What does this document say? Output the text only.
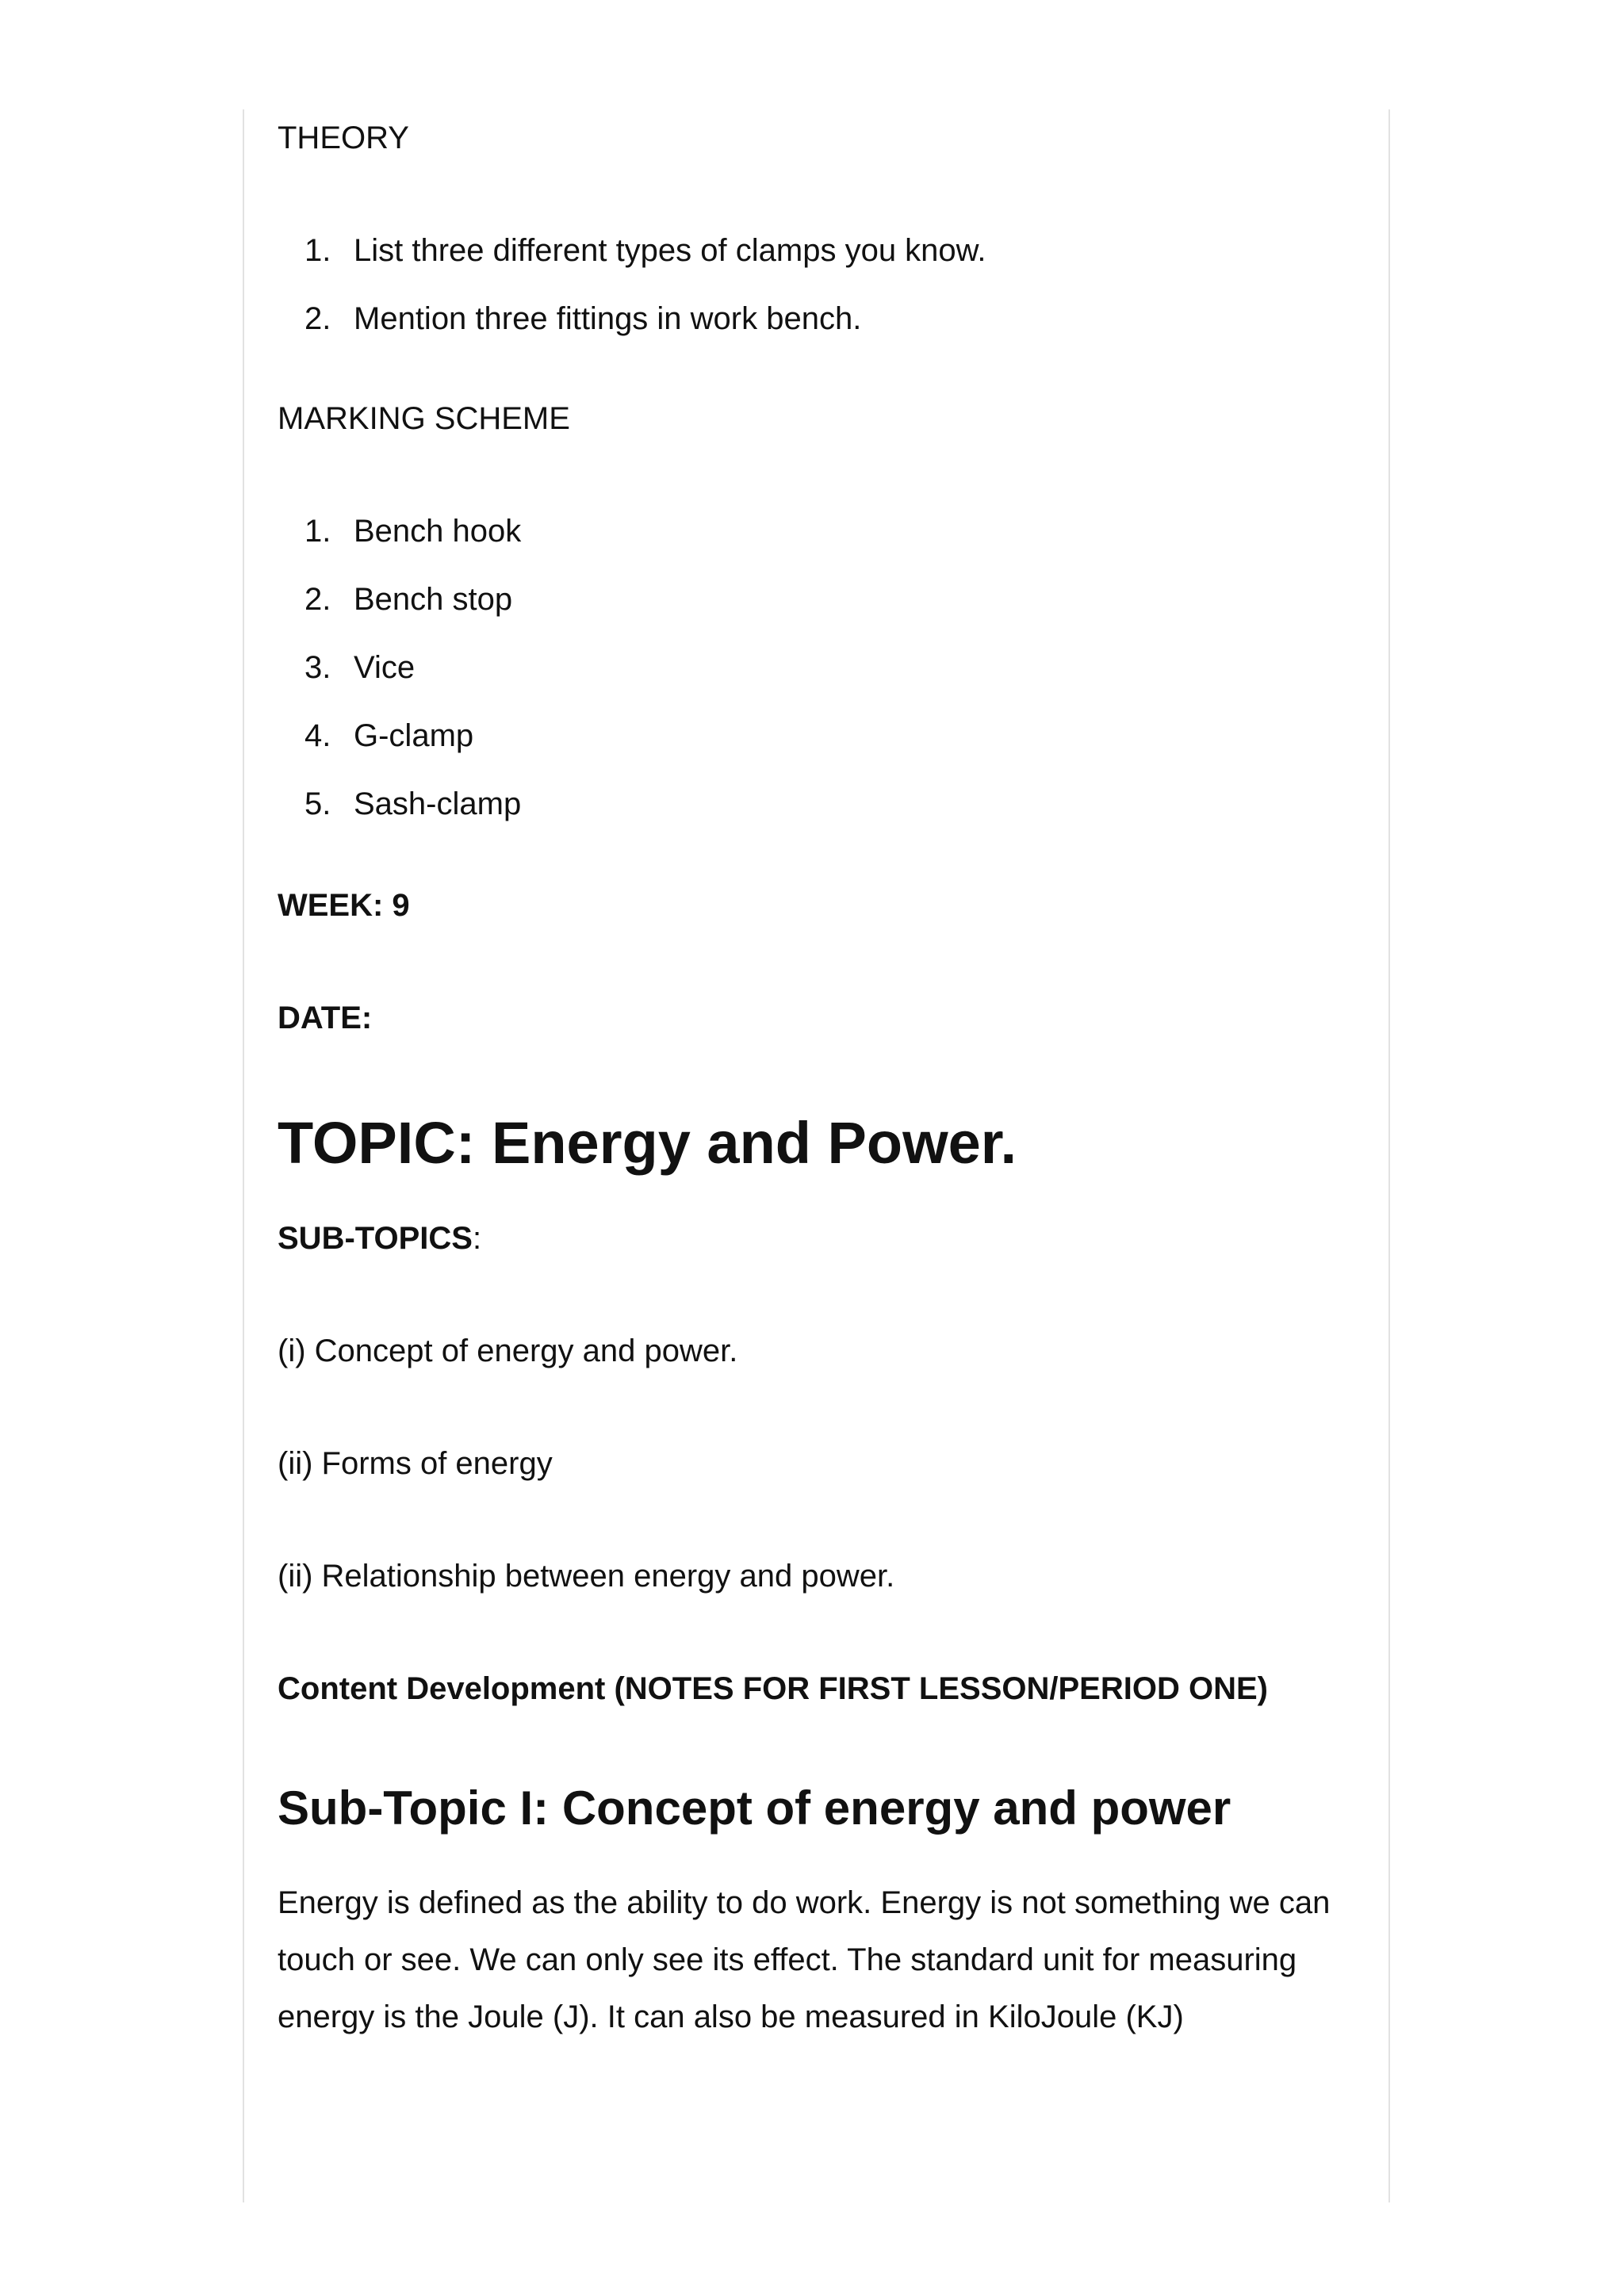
THEORY
1. List three different types of clamps you know.
2. Mention three fittings in work bench.
MARKING SCHEME
1. Bench hook
2. Bench stop
3. Vice
4. G-clamp
5. Sash-clamp
WEEK: 9
DATE:
TOPIC: Energy and Power.
SUB-TOPICS:
(i) Concept of energy and power.
(ii) Forms of energy
(ii) Relationship between energy and power.
Content Development (NOTES FOR FIRST LESSON/PERIOD ONE)
Sub-Topic I: Concept of energy and power

Energy is defined as the ability to do work. Energy is not something we can touch or see. We can only see its effect. The standard unit for measuring energy is the Joule (J). It can also be measured in KiloJoule (KJ)
